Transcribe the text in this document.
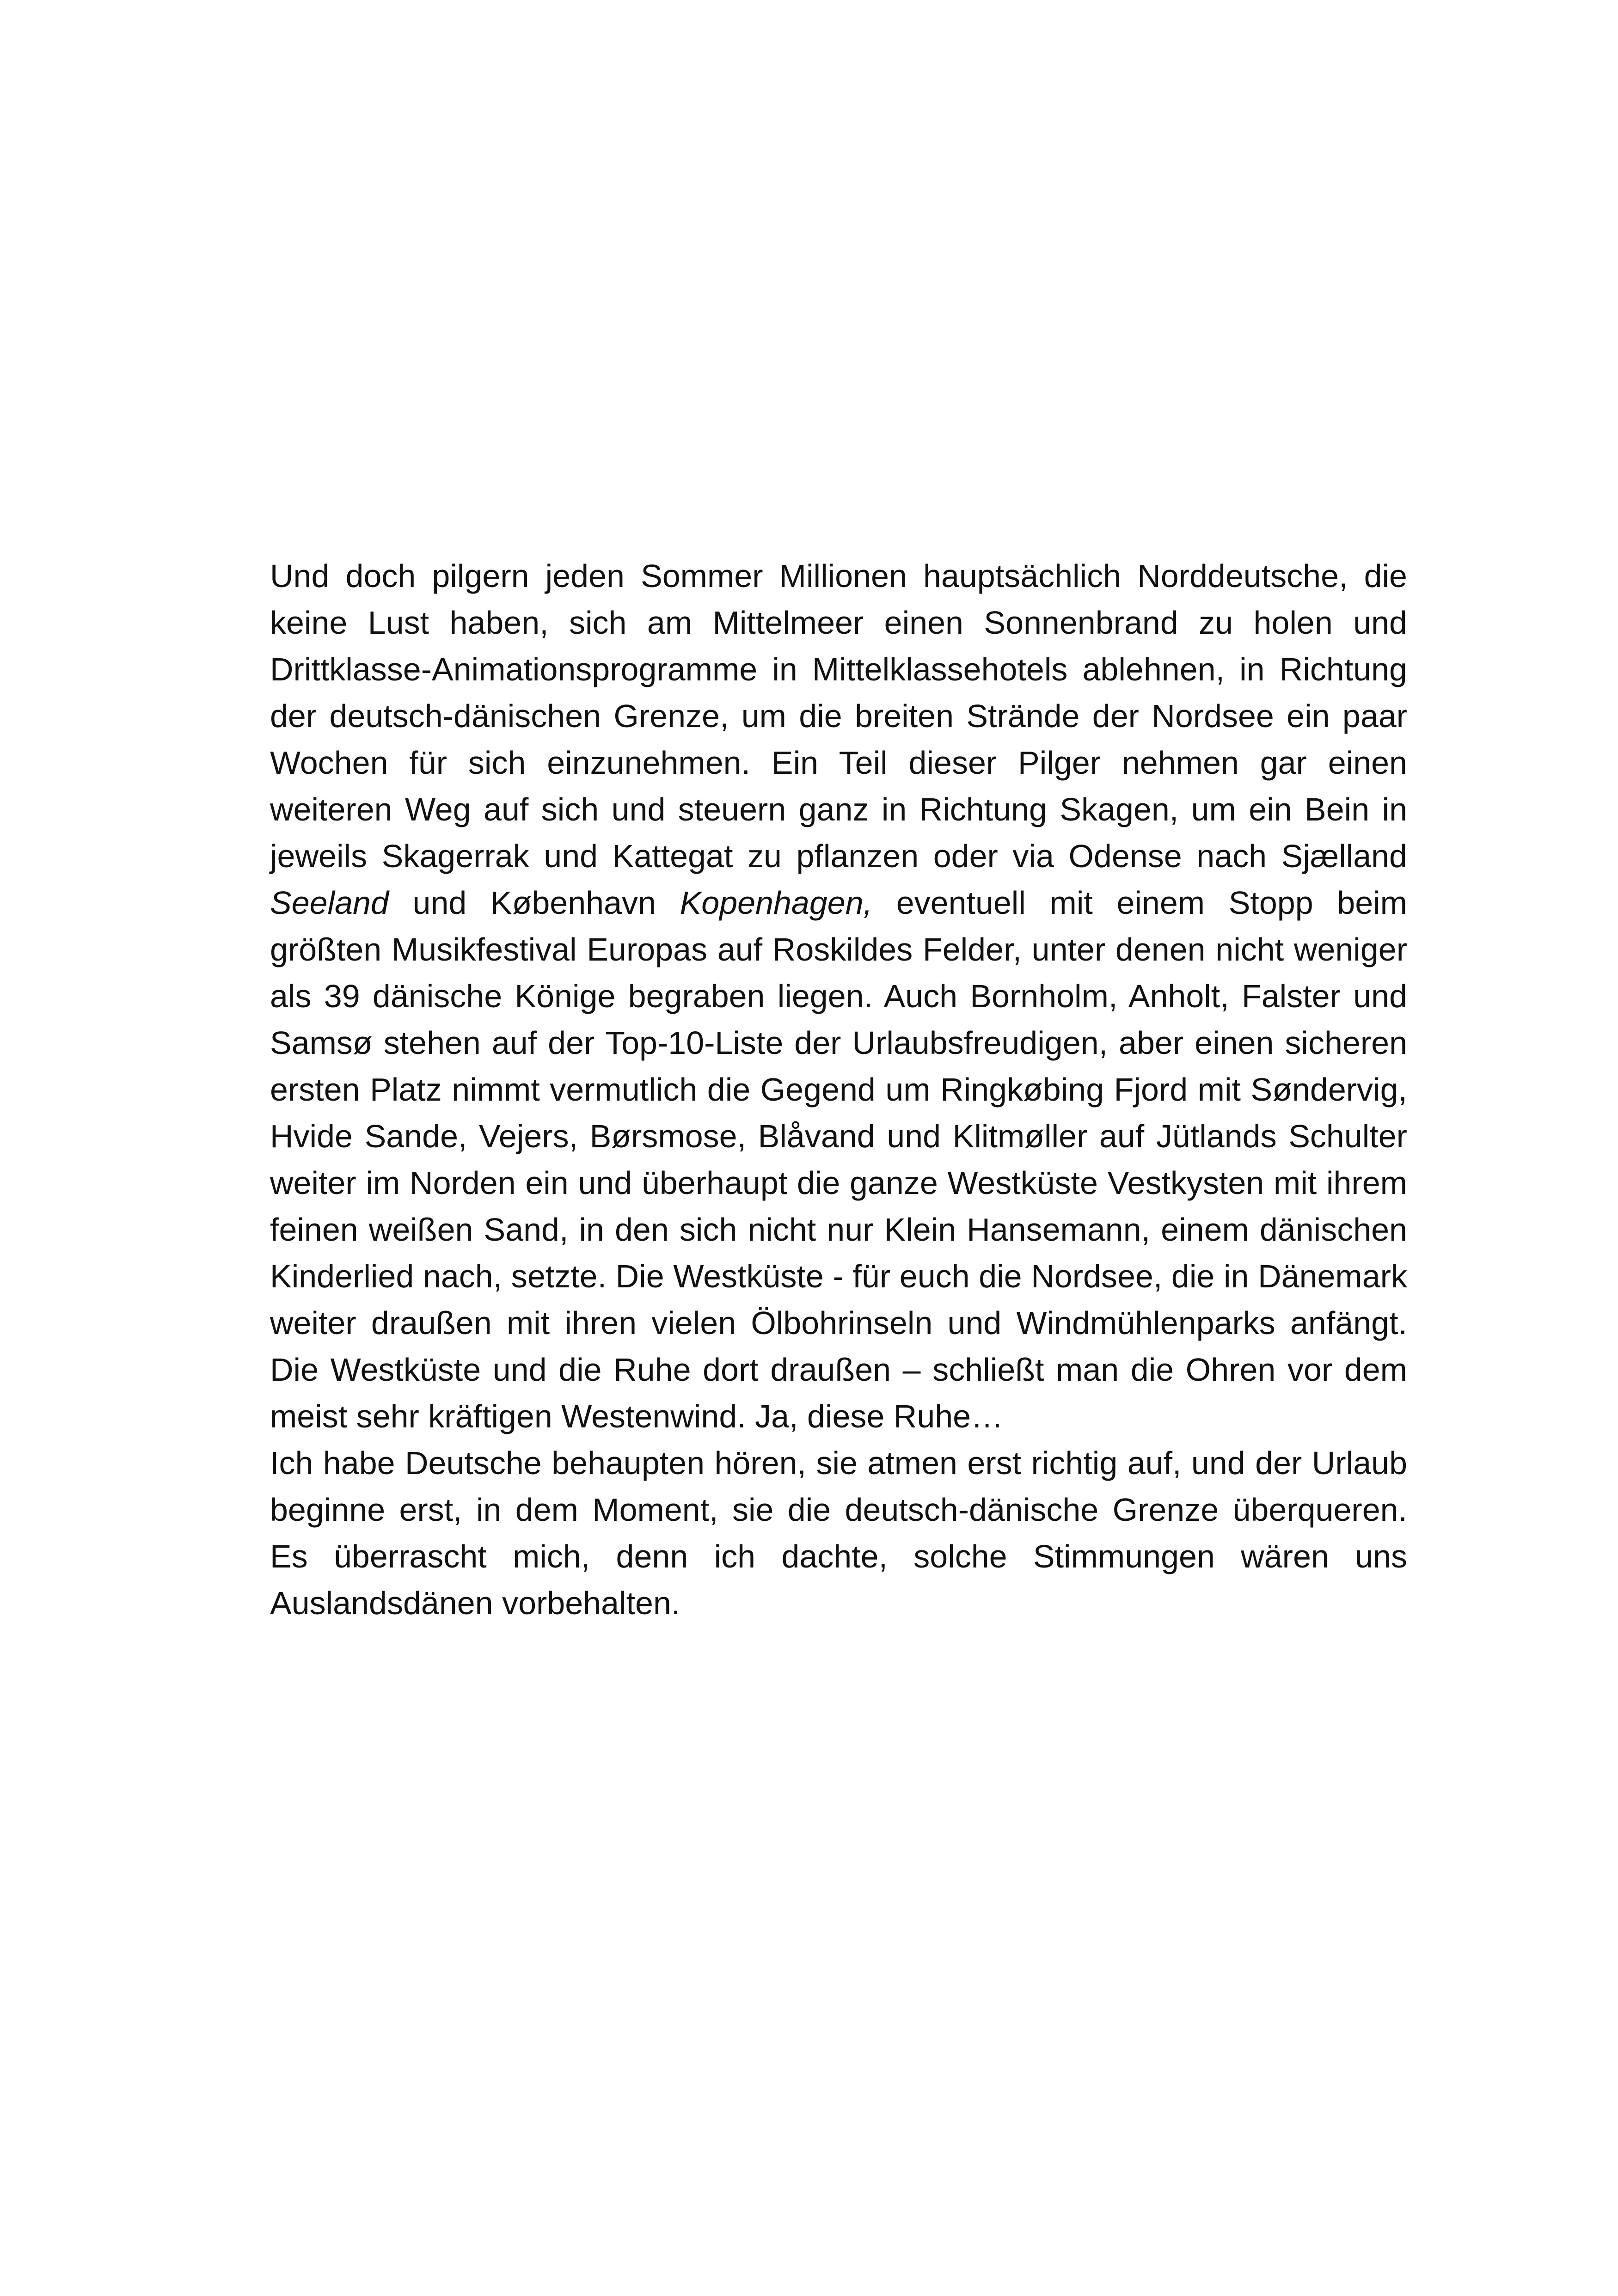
Und doch pilgern jeden Sommer Millionen hauptsächlich Norddeutsche, die keine Lust haben, sich am Mittelmeer einen Sonnenbrand zu holen und Drittklasse-Animationsprogramme in Mittelklassehotels ablehnen, in Richtung der deutsch-dänischen Grenze, um die breiten Strände der Nordsee ein paar Wochen für sich einzunehmen. Ein Teil dieser Pilger nehmen gar einen weiteren Weg auf sich und steuern ganz in Richtung Skagen, um ein Bein in jeweils Skagerrak und Kattegat zu pflanzen oder via Odense nach Sjælland Seeland und København Kopenhagen, eventuell mit einem Stopp beim größten Musikfestival Europas auf Roskildes Felder, unter denen nicht weniger als 39 dänische Könige begraben liegen. Auch Bornholm, Anholt, Falster und Samsø stehen auf der Top-10-Liste der Urlaubsfreudigen, aber einen sicheren ersten Platz nimmt vermutlich die Gegend um Ringkøbing Fjord mit Søndervig, Hvide Sande, Vejers, Børsmose, Blåvand und Klitmøller auf Jütlands Schulter weiter im Norden ein und überhaupt die ganze Westküste Vestkysten mit ihrem feinen weißen Sand, in den sich nicht nur Klein Hansemann, einem dänischen Kinderlied nach, setzte. Die Westküste - für euch die Nordsee, die in Dänemark weiter draußen mit ihren vielen Ölbohrinseln und Windmühlenparks anfängt. Die Westküste und die Ruhe dort draußen – schließt man die Ohren vor dem meist sehr kräftigen Westenwind. Ja, diese Ruhe…

Ich habe Deutsche behaupten hören, sie atmen erst richtig auf, und der Urlaub beginne erst, in dem Moment, sie die deutsch-dänische Grenze überqueren. Es überrascht mich, denn ich dachte, solche Stimmungen wären uns Auslandsdänen vorbehalten.
